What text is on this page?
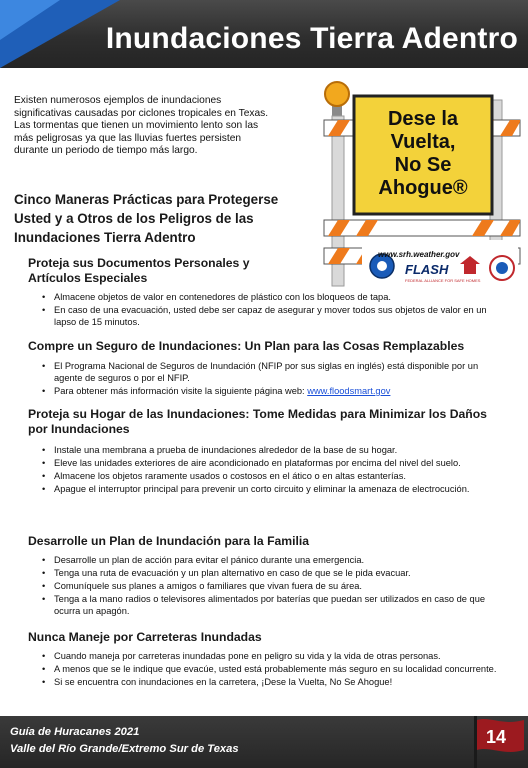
Inundaciones Tierra Adentro
Existen numerosos ejemplos de inundaciones significativas causadas por ciclones tropicales en Texas. Las tormentas que tienen un movimiento lento son las más peligrosas ya que las lluvias fuertes persisten durante un periodo de tiempo más largo.
Cinco Maneras Prácticas para Protegerse Usted y a Otros de los Peligros de las Inundaciones Tierra Adentro
Dese la
Vuelta,
No Se
Ahogue®
www.srh.weather.gov
FLASH
FEDERAL ALLIANCE FOR SAFE HOMES
Proteja sus Documentos Personales y Artículos Especiales
• Almacene objetos de valor en contenedores de plástico con los bloqueos de tapa.
• En caso de una evacuación, usted debe ser capaz de asegurar y mover todos sus objetos de valor en un lapso de 15 minutos.
Compre un Seguro de Inundaciones: Un Plan para las Cosas Remplazables
• El Programa Nacional de Seguros de Inundación (NFIP por sus siglas en inglés) está disponible por un agente de seguros o por el NFIP.
• Para obtener más información visite la siguiente página web: www.floodsmart.gov
Proteja su Hogar de las Inundaciones: Tome Medidas para Minimizar los Daños por Inundaciones
• Instale una membrana a prueba de inundaciones alrededor de la base de su hogar.
• Eleve las unidades exteriores de aire acondicionado en plataformas por encima del nivel del suelo.
• Almacene los objetos raramente usados o costosos en el ático o en altas estanterías.
• Apague el interruptor principal para prevenir un corto circuito y eliminar la amenaza de electrocución.
Desarrolle un Plan de Inundación para la Familia
• Desarrolle un plan de acción para evitar el pánico durante una emergencia.
• Tenga una ruta de evacuación y un plan alternativo en caso de que se le pida evacuar.
• Comuníquele sus planes a amigos o familiares que vivan fuera de su área.
• Tenga a la mano radios o televisores alimentados por baterías que puedan ser utilizados en caso de que ocurra un apagón.
Nunca Maneje por Carreteras Inundadas
• Cuando maneja por carreteras inundadas pone en peligro su vida y la vida de otras personas.
• A menos que se le indique que evacúe, usted está probablemente más seguro en su localidad concurrente.
• Si se encuentra con inundaciones en la carretera, ¡Dese la Vuelta, No Se Ahogue!
Guía de Huracanes 2021
Valle del Río Grande/Extremo Sur de Texas
14
